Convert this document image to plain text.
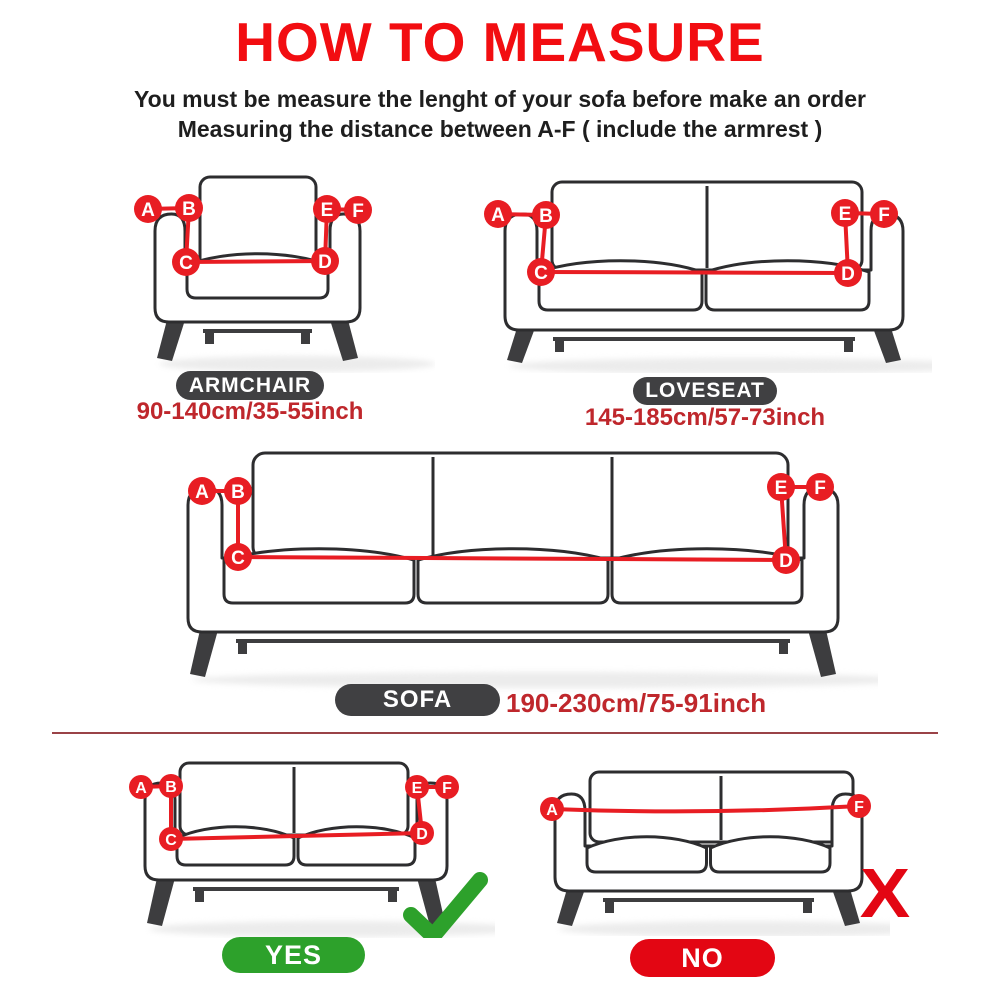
HOW TO MEASURE
You must be measure the lenght of your sofa before make an order
Measuring the distance between A-F ( include the armrest )
A B
C	D
E F	A B
C	D
E F
A B
C	D
E F
A B
C	D
E F
A	F
ARMCHAIR
90-140cm/35-55inch
LOVESEAT
145-185cm/57-73inch
SOFA	190-230cm/75-91inch
YES	NO
X
